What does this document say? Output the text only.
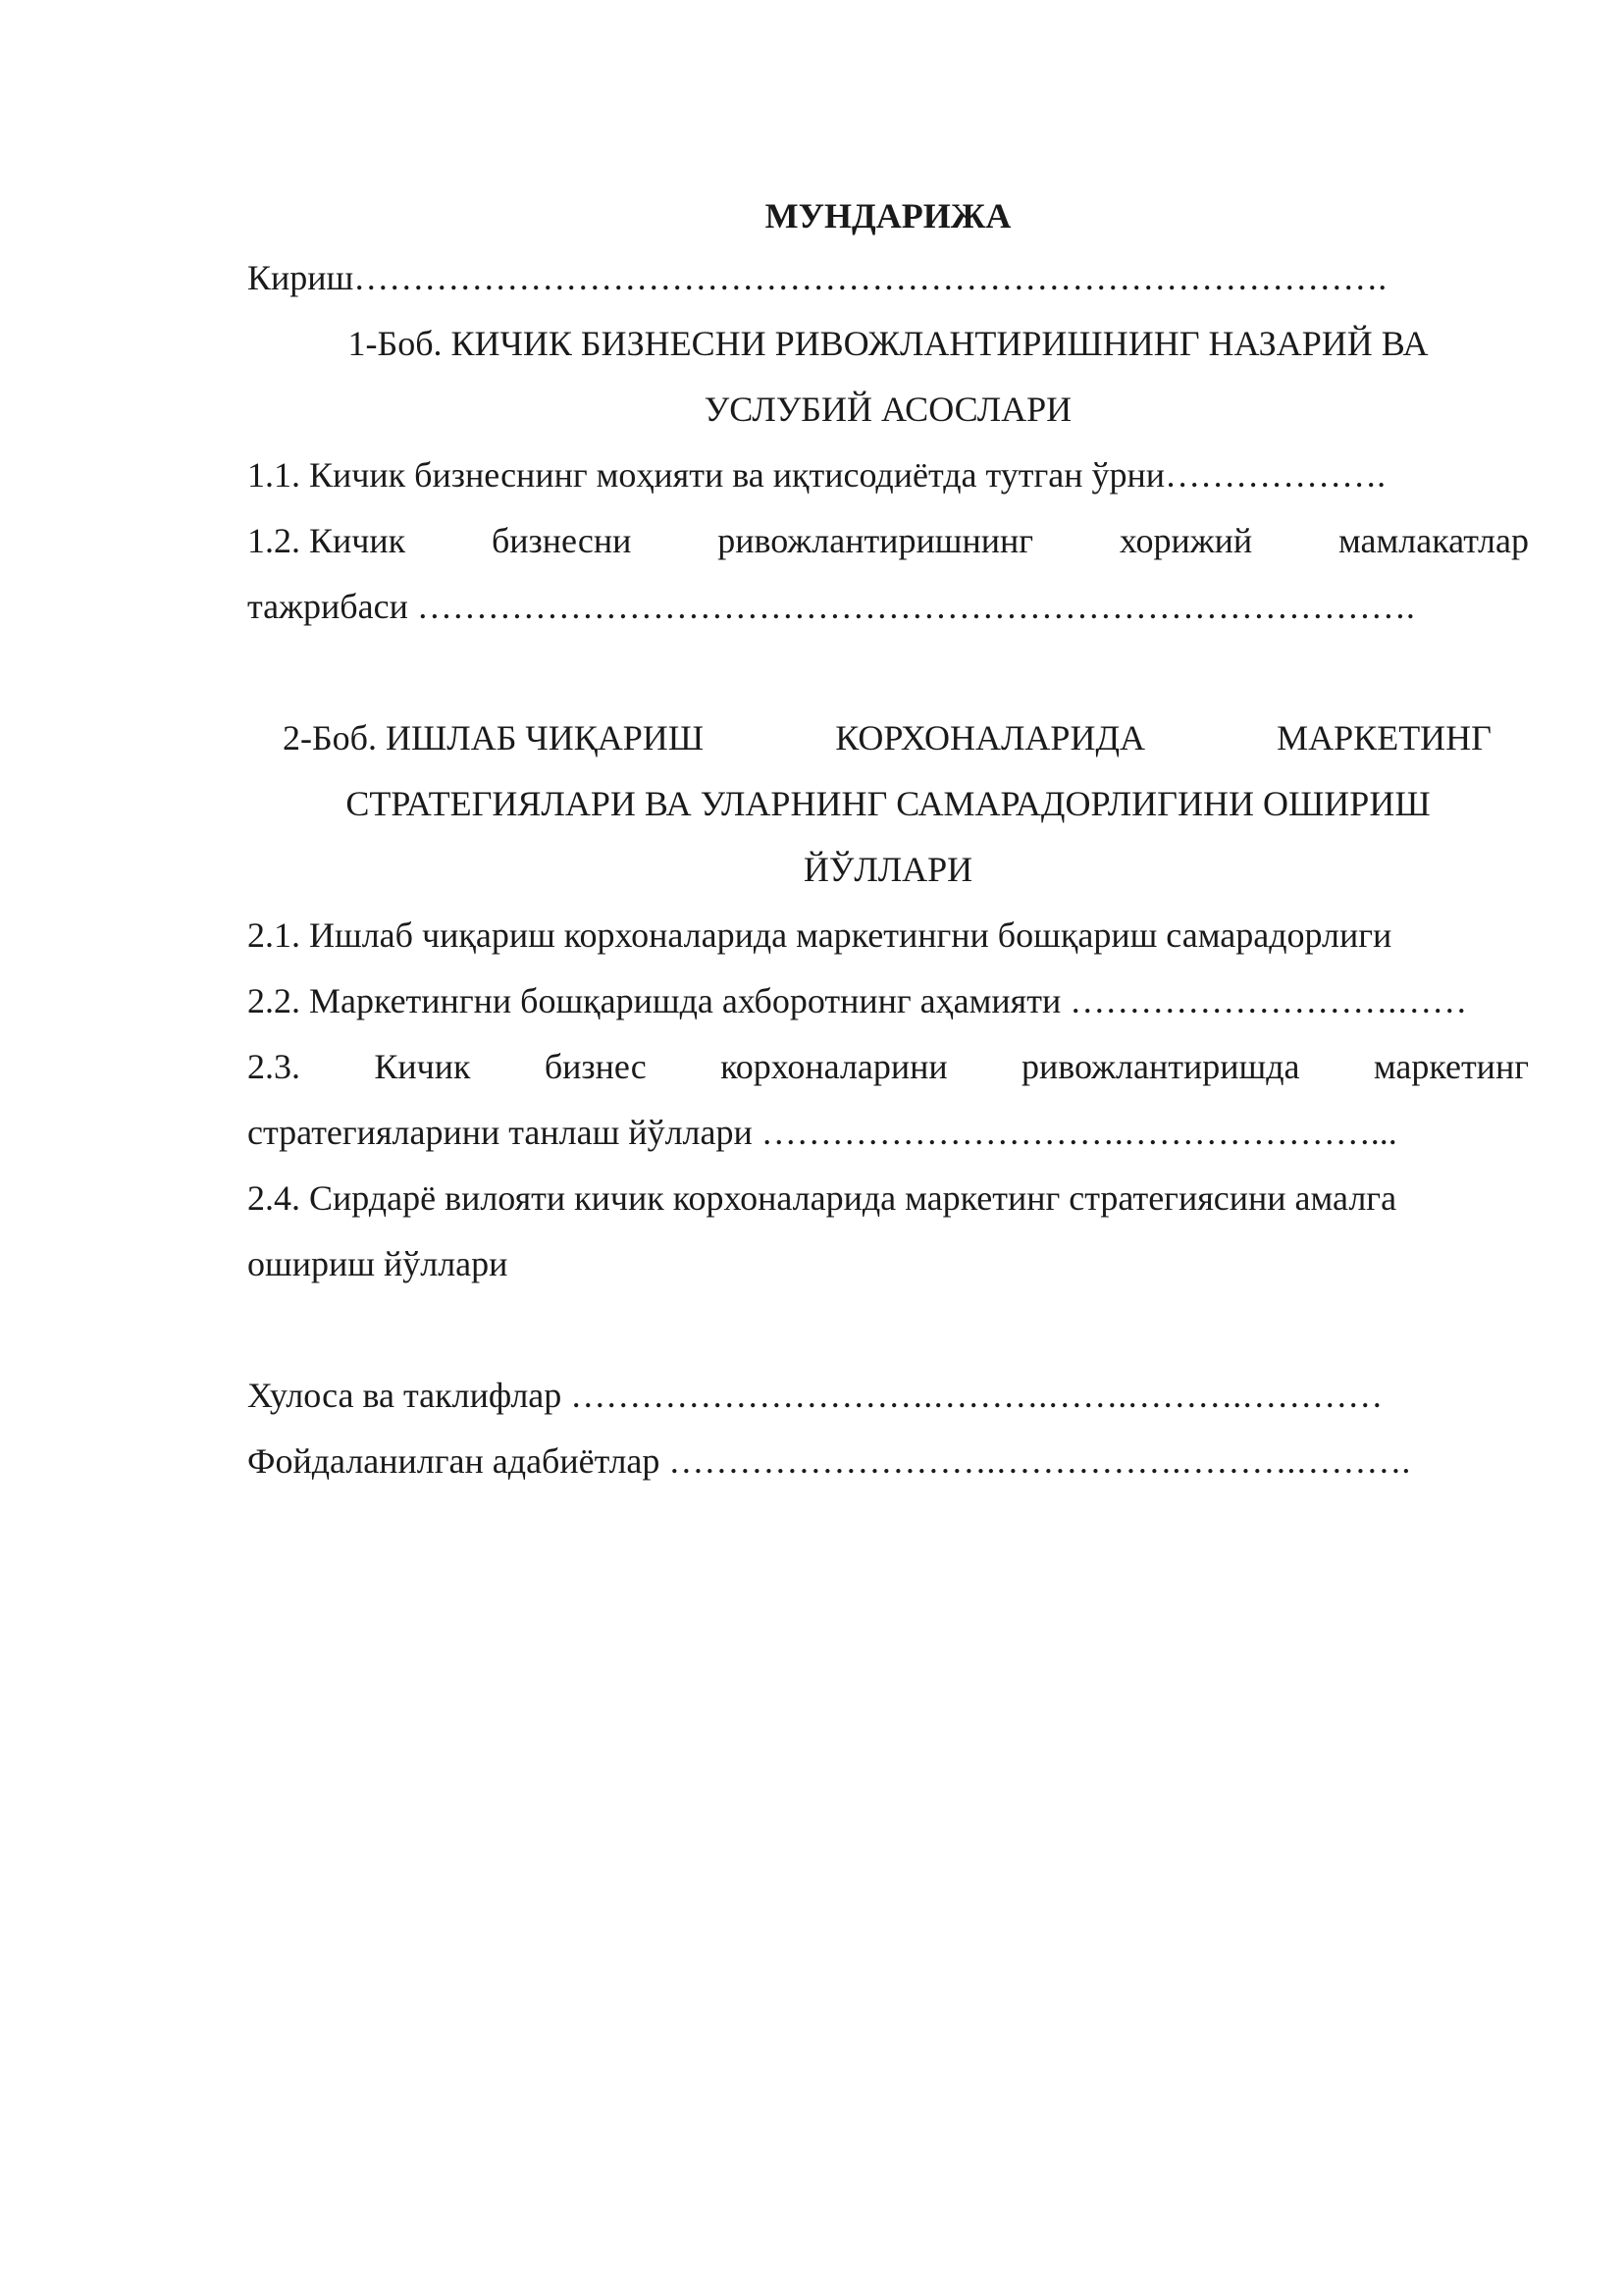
МУНДАРИЖА
Кириш…………………………………………………………………………….
1-Боб. КИЧИК БИЗНЕСНИ РИВОЖЛАНТИРИШНИНГ НАЗАРИЙ ВА
УСЛУБИЙ АСОСЛАРИ
1.1. Кичик бизнеснинг моҳияти ва иқтисодиётда тутган ўрни……………….
1.2. Кичик бизнесни ривожлантиришнинг хорижий мамлакатлар
тажрибаси ………………………………………………………………………….
2-Боб. ИШЛАБ ЧИҚАРИШ	КОРХОНАЛАРИДА	МАРКЕТИНГ
СТРАТЕГИЯЛАРИ ВА УЛАРНИНГ САМАРАДОРЛИГИНИ ОШИРИШ
ЙЎЛЛАРИ
2.1. Ишлаб чиқариш корхоналарида маркетингни бошқариш самарадорлиги
2.2. Маркетингни бошқаришда ахборотнинг аҳамияти ……………………….……
2.3. Кичик бизнес корхоналарини ривожлантиришда маркетинг
стратегияларини танлаш йўллари ………………………….…………………...
2.4. Сирдарё вилояти кичик корхоналарида маркетинг стратегиясини амалга
ошириш йўллари
Хулоса ва таклифлар ………………………….……….…….……….…………
Фойдаланилган адабиётлар ……………………….…………….……….……….
